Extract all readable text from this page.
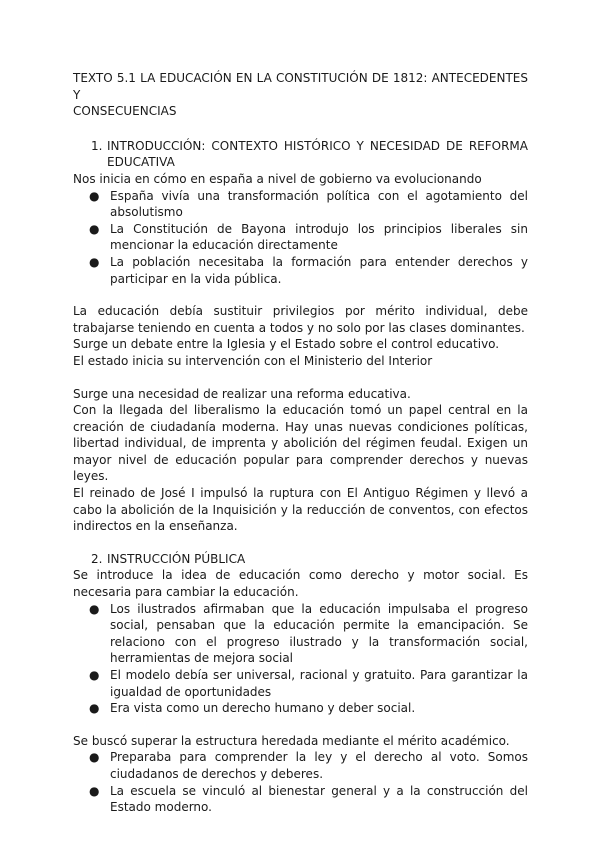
TEXTO 5.1 LA EDUCACIÓN EN LA CONSTITUCIÓN DE 1812: ANTECEDENTES Y
CONSECUENCIAS
1. INTRODUCCIÓN: CONTEXTO HISTÓRICO Y NECESIDAD DE REFORMA EDUCATIVA

Nos inicia en cómo en españa a nivel de gobierno va evolucionando

● España vivía una transformación política con el agotamiento del absolutismo
● La Constitución de Bayona introdujo los principios liberales sin mencionar la educación directamente
● La población necesitaba la formación para entender derechos y participar en la vida pública.

La educación debía sustituir privilegios por mérito individual, debe trabajarse teniendo en cuenta a todos y no solo por las clases dominantes.

Surge un debate entre la Iglesia y el Estado sobre el control educativo.

El estado inicia su intervención con el Ministerio del Interior

Surge una necesidad de realizar una reforma educativa.

Con la llegada del liberalismo la educación tomó un papel central en la creación de ciudadanía moderna. Hay unas nuevas condiciones políticas, libertad individual, de imprenta y abolición del régimen feudal. Exigen un mayor nivel de educación popular para comprender derechos y nuevas leyes.

El reinado de José I impulsó la ruptura con El Antiguo Régimen y llevó a cabo la abolición de la Inquisición y la reducción de conventos, con efectos indirectos en la enseñanza.

2. INSTRUCCIÓN PÚBLICA

Se introduce la idea de educación como derecho y motor social. Es necesaria para cambiar la educación.

● Los ilustrados afirmaban que la educación impulsaba el progreso social, pensaban que la educación permite la emancipación. Se relaciono con el progreso ilustrado y la transformación social, herramientas de mejora social
● El modelo debía ser universal, racional y gratuito. Para garantizar la igualdad de oportunidades
● Era vista como un derecho humano y deber social.

Se buscó superar la estructura heredada mediante el mérito académico.

● Preparaba para comprender la ley y el derecho al voto. Somos ciudadanos de derechos y deberes.
● La escuela se vinculó al bienestar general y a la construcción del Estado moderno.
